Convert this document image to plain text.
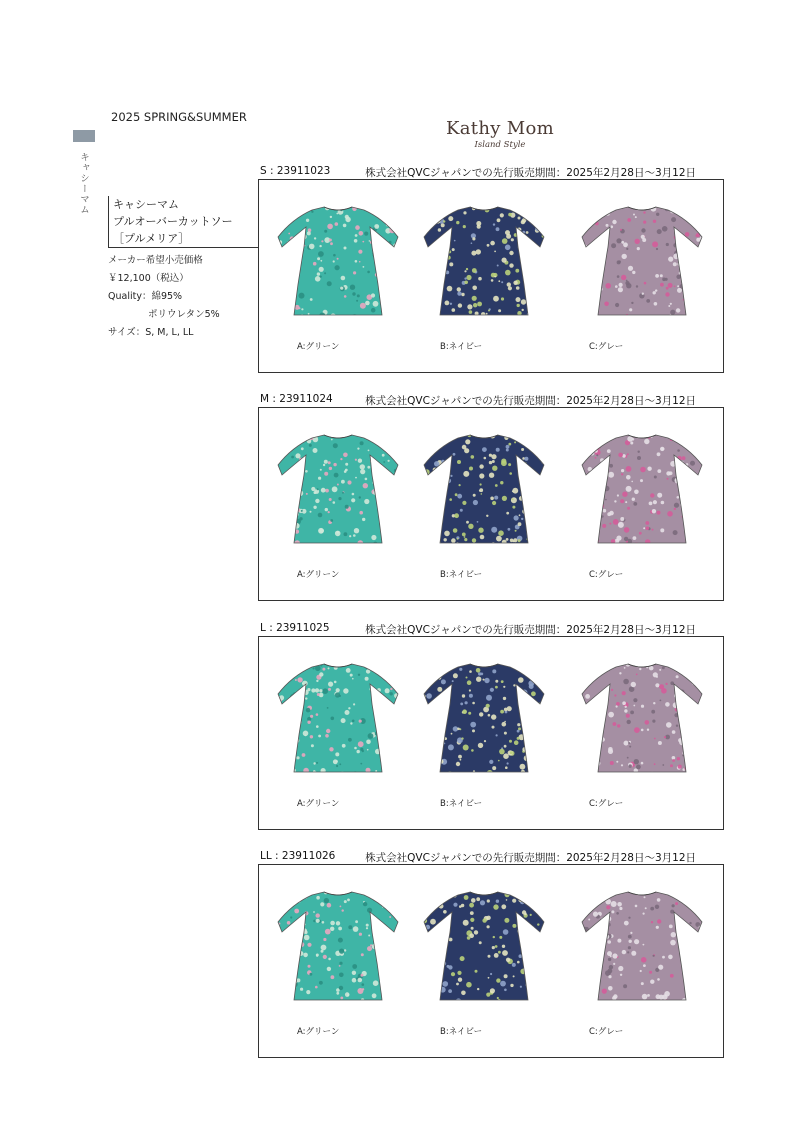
2025 SPRING&SUMMER
Kathy Mom
Island Style
キャシーマム キャシーマム
プルオーバーカットソー
［プルメリア］
メーカー希望小売価格
￥12,100（税込）
Quality：綿95%
ポリウレタン5%
サイズ：S, M, L, LL
S : 23911023	株式会社QVCジャパンでの先行販売期間：2025年2月28日～3月12日
A:グリーン	B:ネイビー	C:グレー
M : 23911024	株式会社QVCジャパンでの先行販売期間：2025年2月28日～3月12日
A:グリーン	B:ネイビー	C:グレー
L : 23911025	株式会社QVCジャパンでの先行販売期間：2025年2月28日～3月12日
A:グリーン	B:ネイビー	C:グレー
LL : 23911026	株式会社QVCジャパンでの先行販売期間：2025年2月28日～3月12日
A:グリーン	B:ネイビー	C:グレー
